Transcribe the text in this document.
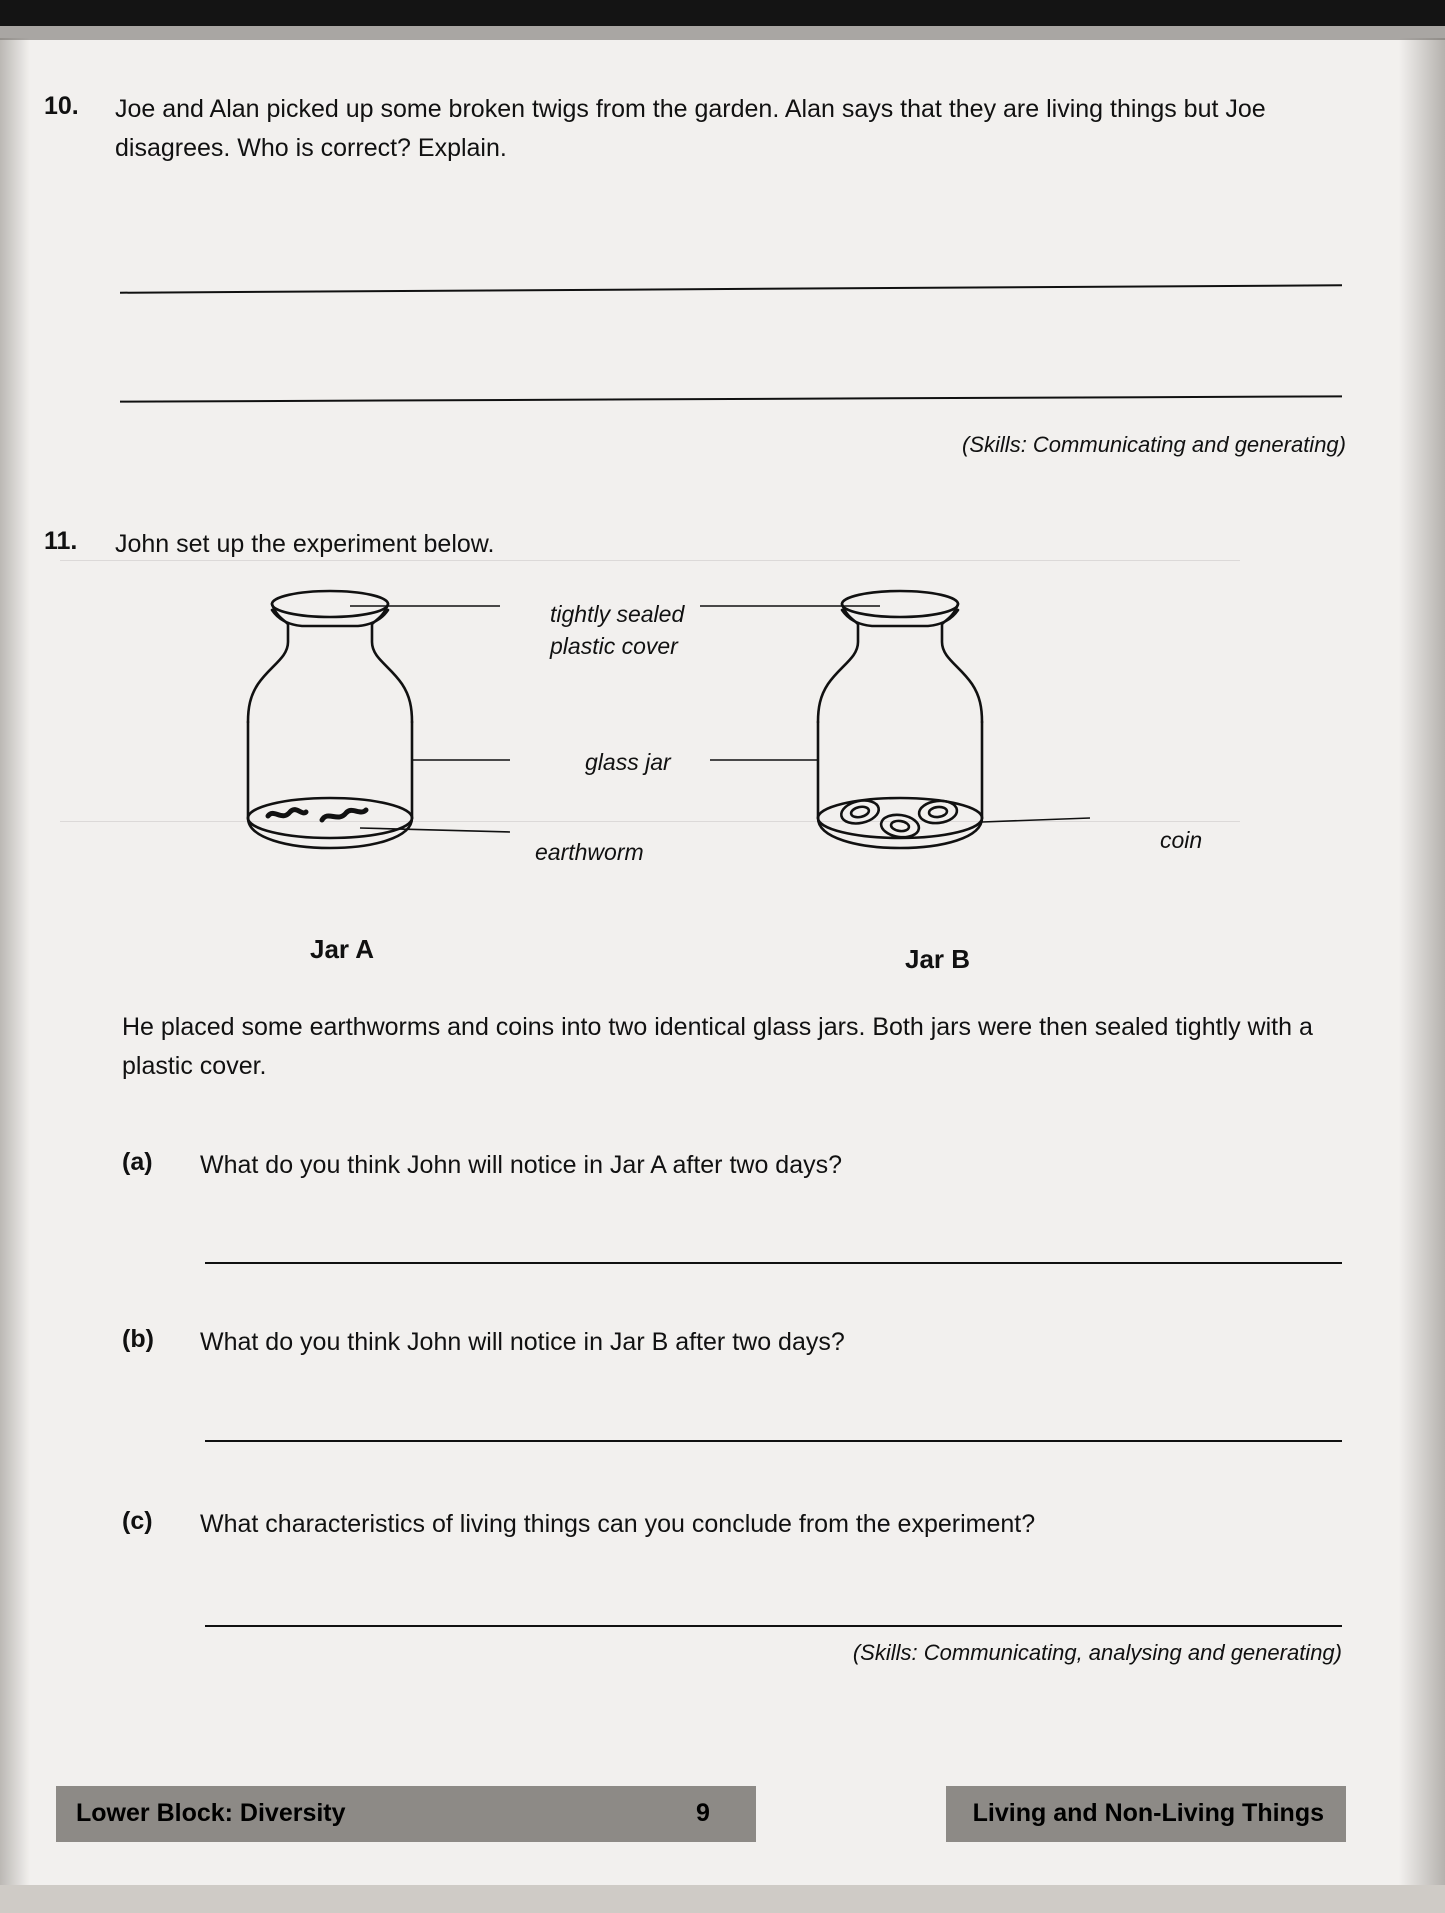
10. Joe and Alan picked up some broken twigs from the garden. Alan says that they are living things but Joe disagrees. Who is correct? Explain.
(Skills: Communicating and generating)
11. John set up the experiment below.
tightly sealed
plastic cover
glass jar
earthworm	coin
Jar A	Jar B
He placed some earthworms and coins into two identical glass jars. Both jars were then sealed tightly with a plastic cover.
(a) What do you think John will notice in Jar A after two days?
(b) What do you think John will notice in Jar B after two days?
(c) What characteristics of living things can you conclude from the experiment?
(Skills: Communicating, analysing and generating)
Lower Block: Diversity	9	Living and Non-Living Things
